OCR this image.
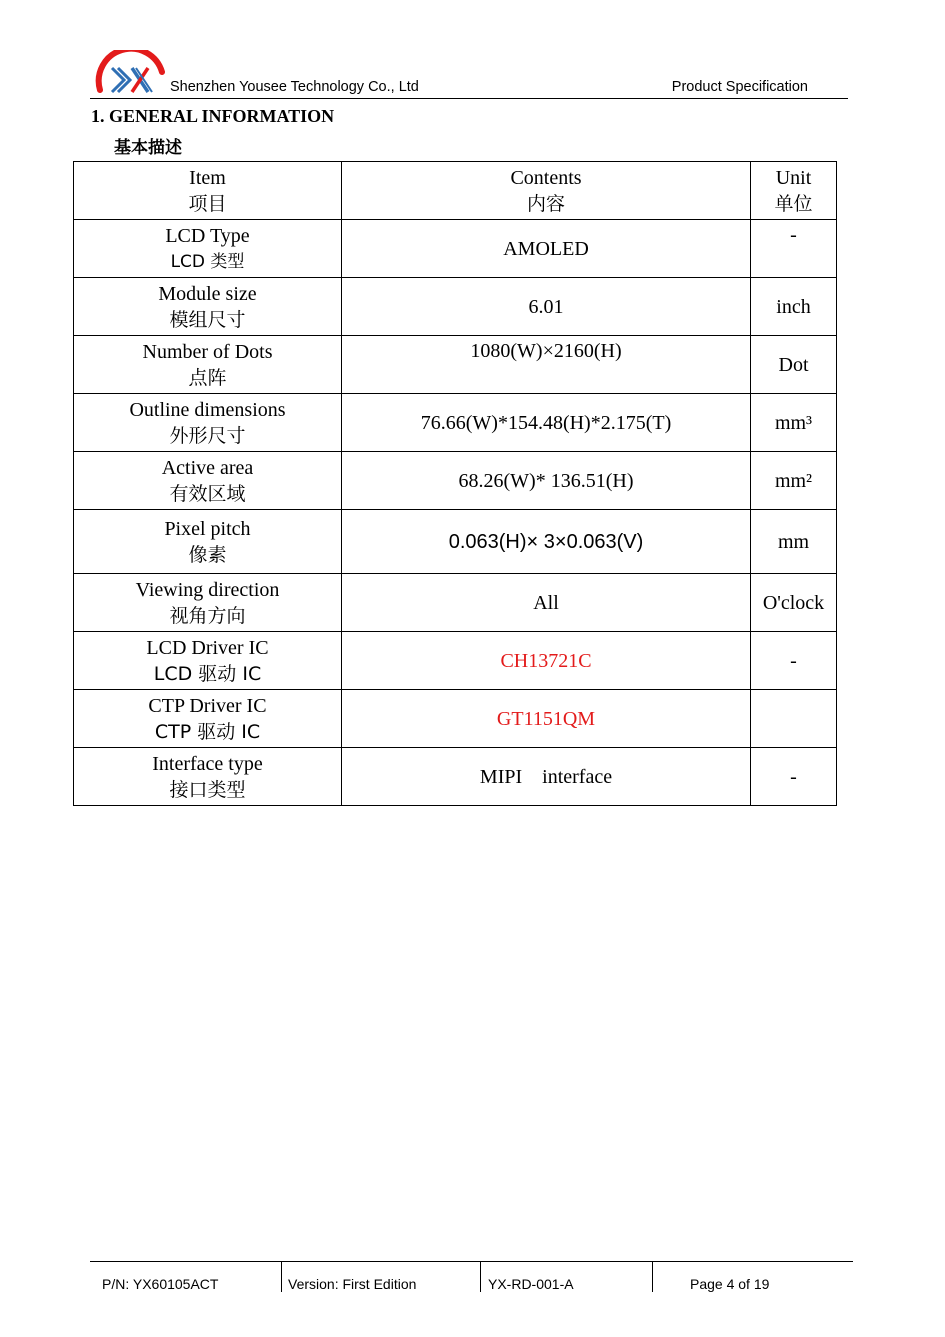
Shenzhen Yousee Technology Co., Ltd	Product Specification
1. GENERAL INFORMATION
基本描述
Item
项目	Contents
内容	Unit
单位

LCD Type
LCD 类型	AMOLED	-
Module size
模组尺寸	6.01	inch
Number of Dots
点阵	1080(W)×2160(H)	Dot
Outline dimensions
外形尺寸	76.66(W)*154.48(H)*2.175(T)	mm³
Active area
有效区域	68.26(W)* 136.51(H)	mm²
Pixel pitch
像素	0.063(H)× 3×0.063(V)	mm
Viewing direction
视角方向	All	O'clock
LCD Driver IC
LCD 驱动 IC	CH13721C	-
CTP Driver IC
CTP 驱动 IC	GT1151QM	
Interface type
接口类型	MIPI    interface	-
P/N: YX60105ACT	Version: First Edition	YX-RD-001-A	Page 4 of 19
